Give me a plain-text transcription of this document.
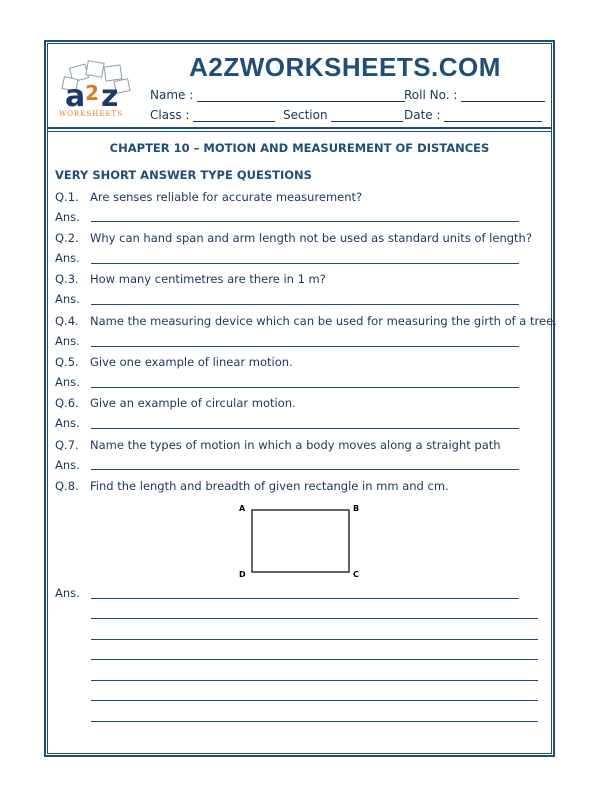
a 2 z
WORKSHEETS
A2ZWORKSHEETS.COM
Name :	Roll No. :
Class :	Section	Date :
CHAPTER 10 – MOTION AND MEASUREMENT OF DISTANCES
VERY SHORT ANSWER TYPE QUESTIONS
Q.1. Are senses reliable for accurate measurement?
Ans.
Q.2. Why can hand span and arm length not be used as standard units of length?
Ans.
Q.3. How many centimetres are there in 1 m?
Ans.
Q.4. Name the measuring device which can be used for measuring the girth of a tree.
Ans.
Q.5. Give one example of linear motion.
Ans.
Q.6. Give an example of circular motion.
Ans.
Q.7. Name the types of motion in which a body moves along a straight path
Ans.
Q.8. Find the length and breadth of given rectangle in mm and cm.
A	B
C
D
Ans.
